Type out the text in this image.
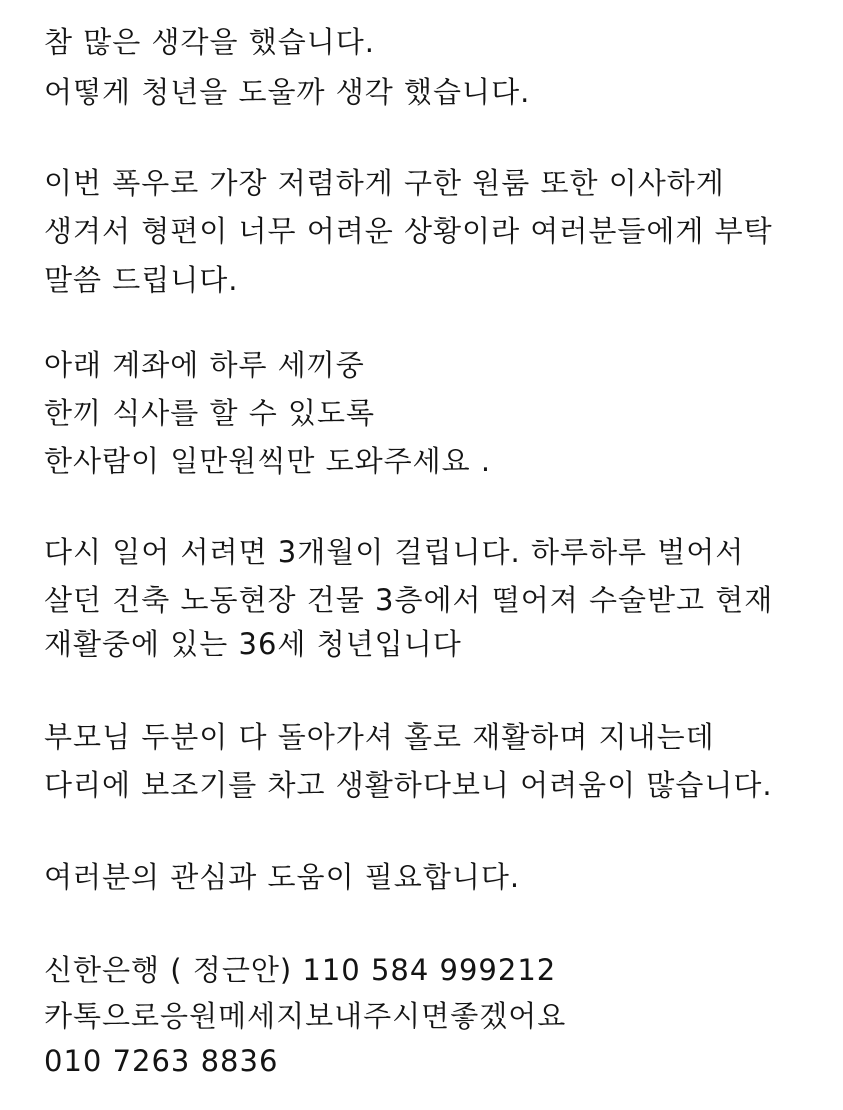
참 많은 생각을 했습니다.

어떻게 청년을 도울까 생각 했습니다.

이번 폭우로 가장 저렴하게 구한 원룸 또한 이사하게

생겨서 형편이 너무 어려운 상황이라 여러분들에게 부탁

말씀 드립니다.

아래 계좌에 하루 세끼중

한끼 식사를 할 수 있도록

한사람이 일만원씩만 도와주세요 .

다시 일어 서려면 3개월이 걸립니다. 하루하루 벌어서

살던 건축 노동현장 건물 3층에서 떨어져 수술받고 현재

재활중에 있는 36세 청년입니다

부모님 두분이 다 돌아가셔 홀로 재활하며 지내는데

다리에 보조기를 차고 생활하다보니 어려움이 많습니다.

여러분의 관심과 도움이 필요합니다.

신한은행 ( 정근안) 110 584 999212

카톡으로응원메세지보내주시면좋겠어요

010 7263 8836
